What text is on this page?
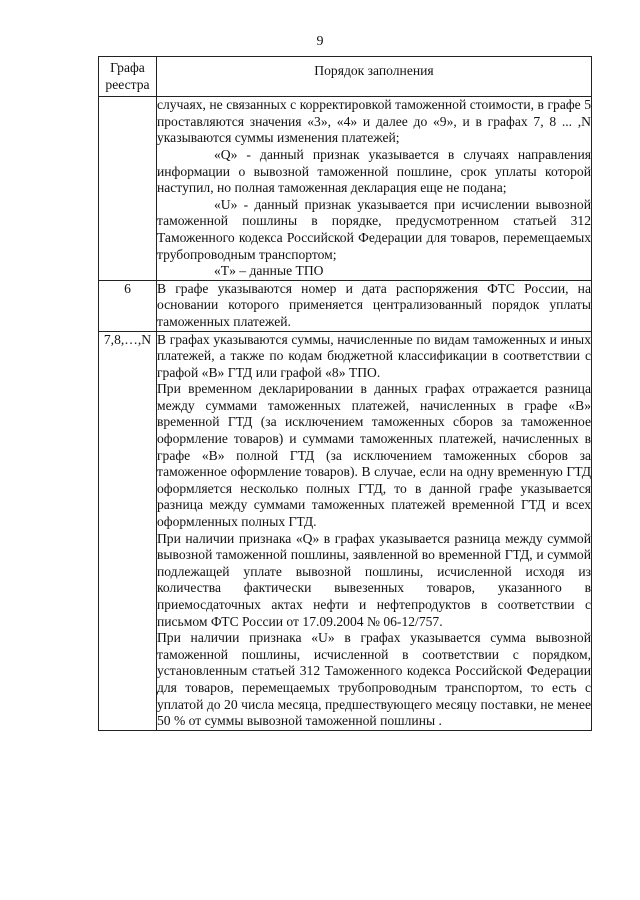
9
Графа
реестра	Порядок заполнения

	случаях, не связанных с корректировкой таможенной стоимости, в графе 5 проставляются значения «3», «4» и далее до «9», и в графах 7, 8 ... ,N указываются суммы изменения платежей;

«Q» - данный признак указывается в случаях направления информации о вывозной таможенной пошлине, срок уплаты которой наступил, но полная таможенная декларация еще не подана;

«U» - данный признак указывается при исчислении вывозной таможенной пошлины в порядке, предусмотренном статьей 312 Таможенного кодекса Российской Федерации для товаров, перемещаемых трубопроводным транспортом;

«T» – данные ТПО

6	В графе указываются номер и дата распоряжения ФТС России, на основании которого применяется централизованный порядок уплаты таможенных платежей.

7,8,…,N	В графах указываются суммы, начисленные по видам таможенных и иных платежей, а также по кодам бюджетной классификации в соответствии с графой «В» ГТД или графой «8» ТПО.

При временном декларировании в данных графах отражается разница между суммами таможенных платежей, начисленных в графе «В» временной ГТД (за исключением таможенных сборов за таможенное оформление товаров) и суммами таможенных платежей, начисленных в графе «В» полной ГТД (за исключением таможенных сборов за таможенное оформление товаров). В случае, если на одну временную ГТД оформляется несколько полных ГТД, то в данной графе указывается разница между суммами таможенных платежей временной ГТД и всех оформленных полных ГТД.

При наличии признака «Q» в графах указывается разница между суммой вывозной таможенной пошлины, заявленной во временной ГТД, и суммой подлежащей уплате вывозной пошлины, исчисленной исходя из количества фактически вывезенных товаров, указанного в приемосдаточных актах нефти и нефтепродуктов в соответствии с письмом ФТС России от 17.09.2004 № 06-12/757.

При наличии признака «U» в графах указывается сумма вывозной таможенной пошлины, исчисленной в соответствии с порядком, установленным статьей 312 Таможенного кодекса Российской Федерации для товаров, перемещаемых трубопроводным транспортом, то есть с уплатой до 20 числа месяца, предшествующего месяцу поставки, не менее 50 % от суммы вывозной таможенной пошлины .
